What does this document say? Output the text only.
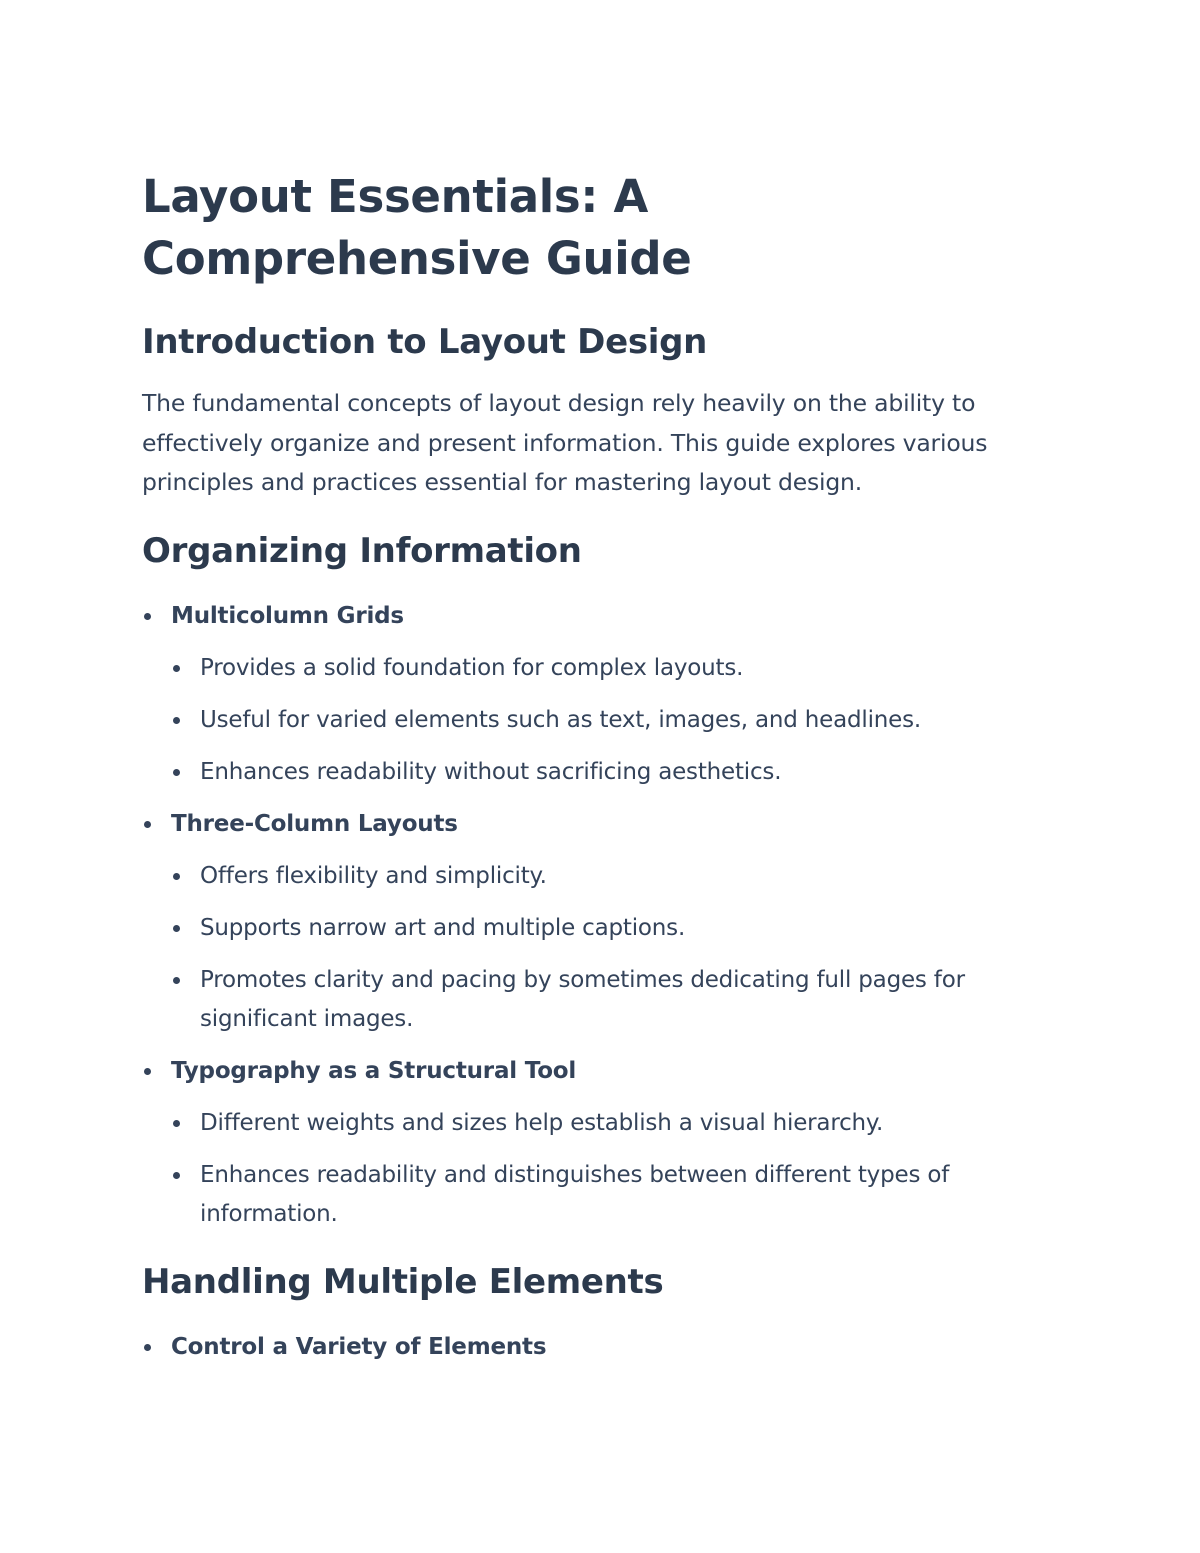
Layout Essentials: A Comprehensive Guide
Introduction to Layout Design

The fundamental concepts of layout design rely heavily on the ability to effectively organize and present information. This guide explores various principles and practices essential for mastering layout design.

Organizing Information
Multicolumn Grids
Provides a solid foundation for complex layouts.
Useful for varied elements such as text, images, and headlines.
Enhances readability without sacrificing aesthetics.
Three-Column Layouts
Offers flexibility and simplicity.
Supports narrow art and multiple captions.
Promotes clarity and pacing by sometimes dedicating full pages for significant images.
Typography as a Structural Tool
Different weights and sizes help establish a visual hierarchy.
Enhances readability and distinguishes between different types of information.
Handling Multiple Elements
Control a Variety of Elements
